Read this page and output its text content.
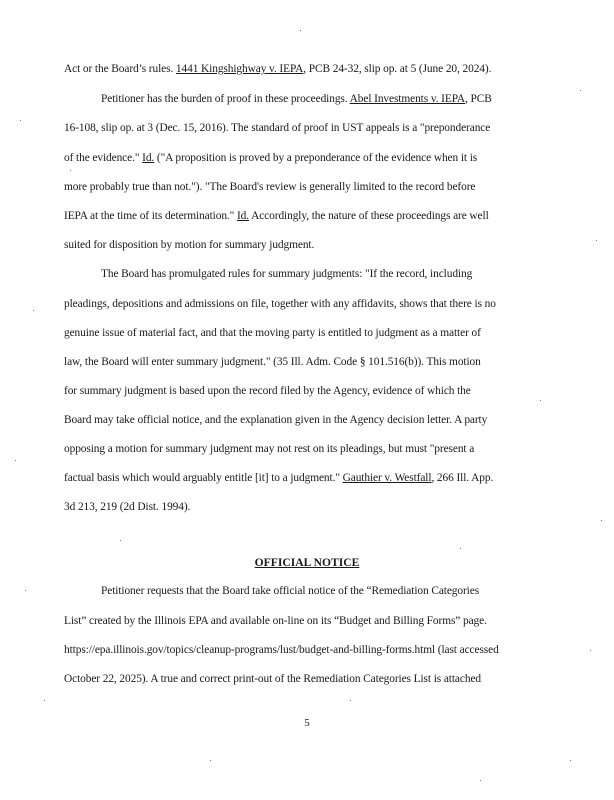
Act or the Board’s rules. 1441 Kingshighway v. IEPA, PCB 24-32, slip op. at 5 (June 20, 2024).
Petitioner has the burden of proof in these proceedings. Abel Investments v. IEPA, PCB
16-108, slip op. at 3 (Dec. 15, 2016). The standard of proof in UST appeals is a "preponderance
of the evidence." Id. ("A proposition is proved by a preponderance of the evidence when it is
more probably true than not."). "The Board's review is generally limited to the record before
IEPA at the time of its determination." Id. Accordingly, the nature of these proceedings are well
suited for disposition by motion for summary judgment.
The Board has promulgated rules for summary judgments: "If the record, including
pleadings, depositions and admissions on file, together with any affidavits, shows that there is no
genuine issue of material fact, and that the moving party is entitled to judgment as a matter of
law, the Board will enter summary judgment." (35 Ill. Adm. Code § 101.516(b)). This motion
for summary judgment is based upon the record filed by the Agency, evidence of which the
Board may take official notice, and the explanation given in the Agency decision letter. A party
opposing a motion for summary judgment may not rest on its pleadings, but must "present a
factual basis which would arguably entitle [it] to a judgment." Gauthier v. Westfall, 266 Ill. App.
3d 213, 219 (2d Dist. 1994).
Petitioner requests that the Board take official notice of the “Remediation Categories
List” created by the Illinois EPA and available on-line on its “Budget and Billing Forms” page.
https://epa.illinois.gov/topics/cleanup-programs/lust/budget-and-billing-forms.html (last accessed
October 22, 2025). A true and correct print-out of the Remediation Categories List is attached
OFFICIAL NOTICE
5
